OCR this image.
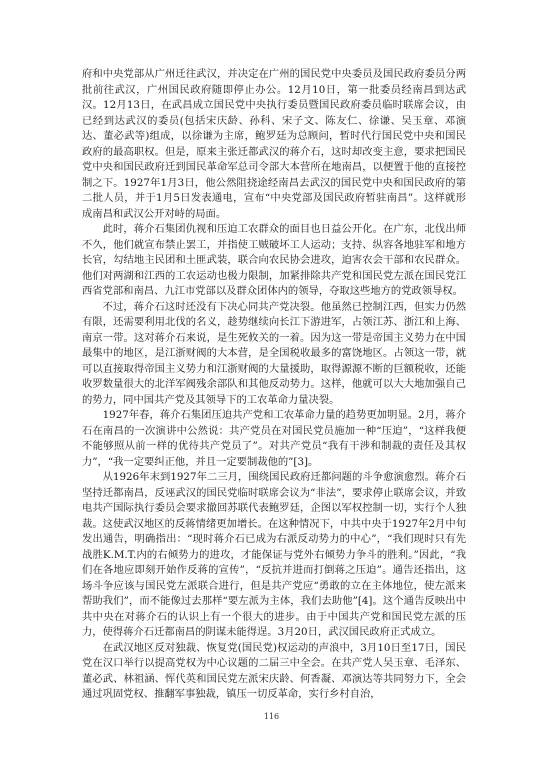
府和中央党部从广州迁往武汉，并决定在广州的国民党中央委员及国民政府委员分两批前往武汉，广州国民政府随即停止办公。12月10日，第一批委员经南昌到达武汉。12月13日，在武昌成立国民党中央执行委员暨国民政府委员临时联席会议，由已经到达武汉的委员(包括宋庆龄、孙科、宋子文、陈友仁、徐谦、吴玉章、邓演达、董必武等)组成，以徐谦为主席，鲍罗廷为总顾问，暂时代行国民党中央和国民政府的最高职权。但是，原来主张迁都武汉的蒋介石，这时却改变主意，要求把国民党中央和国民政府迁到国民革命军总司令部大本营所在地南昌，以便置于他的直接控制之下。1927年1月3日，他公然阻挠途经南昌去武汉的国民党中央和国民政府的第二批人员，并于1月5日发表通电，宣布“中央党部及国民政府暂驻南昌”。这样就形成南昌和武汉公开对峙的局面。

此时，蒋介石集团仇视和压迫工农群众的面目也日益公开化。在广东，北伐出师不久，他们就宣布禁止罢工，并指使工贼破坏工人运动；支持、纵容各地驻军和地方长官，勾结地主民团和土匪武装，联合向农民协会进攻，迫害农会干部和农民群众。他们对两湖和江西的工农运动也极力限制，加紧排除共产党和国民党左派在国民党江西省党部和南昌、九江市党部以及群众团体内的领导，夺取这些地方的党政领导权。

不过，蒋介石这时还没有下决心同共产党决裂。他虽然已控制江西，但实力仍然有限，还需要利用北伐的名义，趁势继续向长江下游进军，占领江苏、浙江和上海、南京一带。这对蒋介石来说，是生死攸关的一着。因为这一带是帝国主义势力在中国最集中的地区，是江浙财阀的大本营，是全国税收最多的富饶地区。占领这一带，就可以直接取得帝国主义势力和江浙财阀的大量援助，取得源源不断的巨额税收，还能收罗数量很大的北洋军阀残余部队和其他反动势力。这样，他就可以大大地加强自己的势力，同中国共产党及其领导下的工农革命力量决裂。

1927年春，蒋介石集团压迫共产党和工农革命力量的趋势更加明显。2月，蒋介石在南昌的一次演讲中公然说：共产党员在对国民党员施加一种“压迫”，“这样我便不能够照从前一样的优待共产党员了”。对共产党员“我有干涉和制裁的责任及其权力”，“我一定要纠正他，并且一定要制裁他的”[3]。

从1926年末到1927年二三月，围绕国民政府迁都问题的斗争愈演愈烈。蒋介石坚持迁都南昌，反诬武汉的国民党临时联席会议为“非法”，要求停止联席会议，并致电共产国际执行委员会要求撤回苏联代表鲍罗廷，企图以军权控制一切，实行个人独裁。这使武汉地区的反蒋情绪更加增长。在这种情况下，中共中央于1927年2月中旬发出通告，明确指出：“现时蒋介石已成为右派反动势力的中心”，“我们现时只有先战胜K.M.T.内的右倾势力的进攻，才能保证与党外右倾势力争斗的胜利。”因此，“我们在各地应即刻开始作反蒋的宣传”，“反抗并进而打倒蒋之压迫”。通告还指出，这场斗争应该与国民党左派联合进行，但是共产党应“勇敢的立在主体地位，使左派来帮助我们”，而不能像过去那样“要左派为主体，我们去助他”[4]。这个通告反映出中共中央在对蒋介石的认识上有一个很大的进步。由于中国共产党和国民党左派的压力，使得蒋介石迁都南昌的阴谋未能得逞。3月20日，武汉国民政府正式成立。

在武汉地区反对独裁、恢复党(国民党)权运动的声浪中，3月10日至17日，国民党在汉口举行以提高党权为中心议题的二届三中全会。在共产党人吴玉章、毛泽东、董必武、林祖涵、恽代英和国民党左派宋庆龄、何香凝、邓演达等共同努力下，全会通过巩固党权、推翻军事独裁，镇压一切反革命，实行乡村自治，

116
